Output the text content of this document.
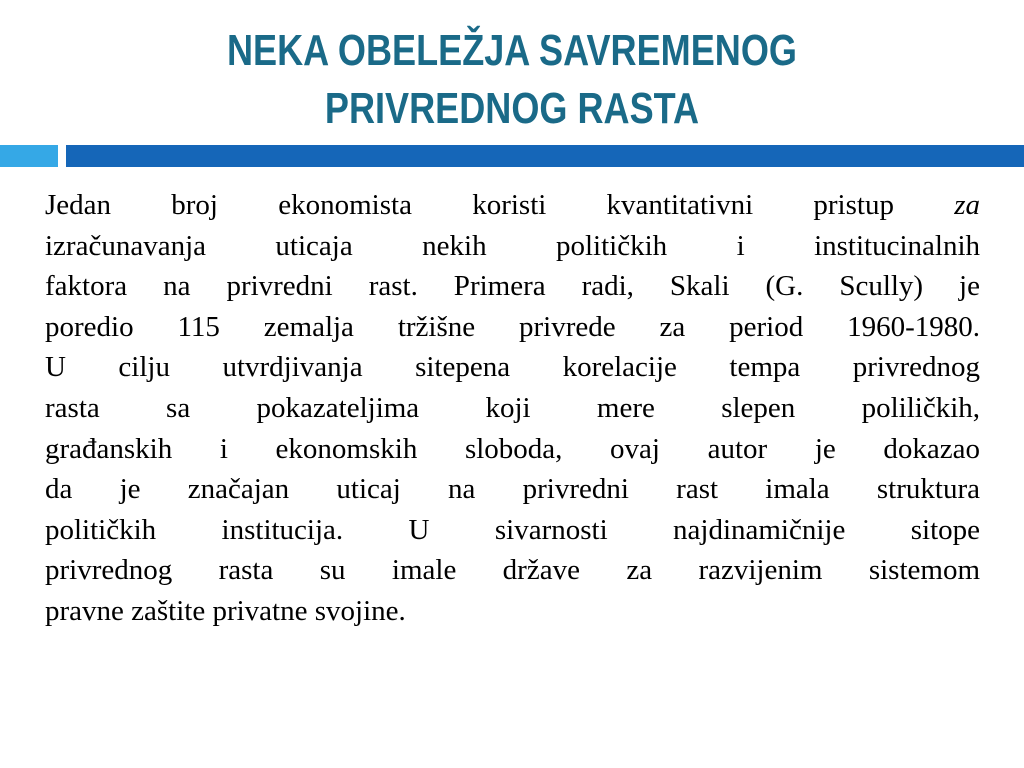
NEKA OBELEŽJA SAVREMENOG
PRIVREDNOG RASTA
Jedan broj ekonomista koristi kvantitativni pristup za
izračunavanja uticaja nekih političkih i institucinalnih
faktora na privredni rast. Primera radi, Skali (G. Scully) je
poredio 115 zemalja tržišne privrede za period 1960-1980.
U cilju utvrdjivanja sitepena korelacije tempa privrednog
rasta sa pokazateljima koji mere slepen poliličkih,
građanskih i ekonomskih sloboda, ovaj autor je dokazao
da je značajan uticaj na privredni rast imala struktura
političkih institucija. U sivarnosti najdinamičnije sitope
privrednog rasta su imale države za razvijenim sistemom
pravne zaštite privatne svojine.
